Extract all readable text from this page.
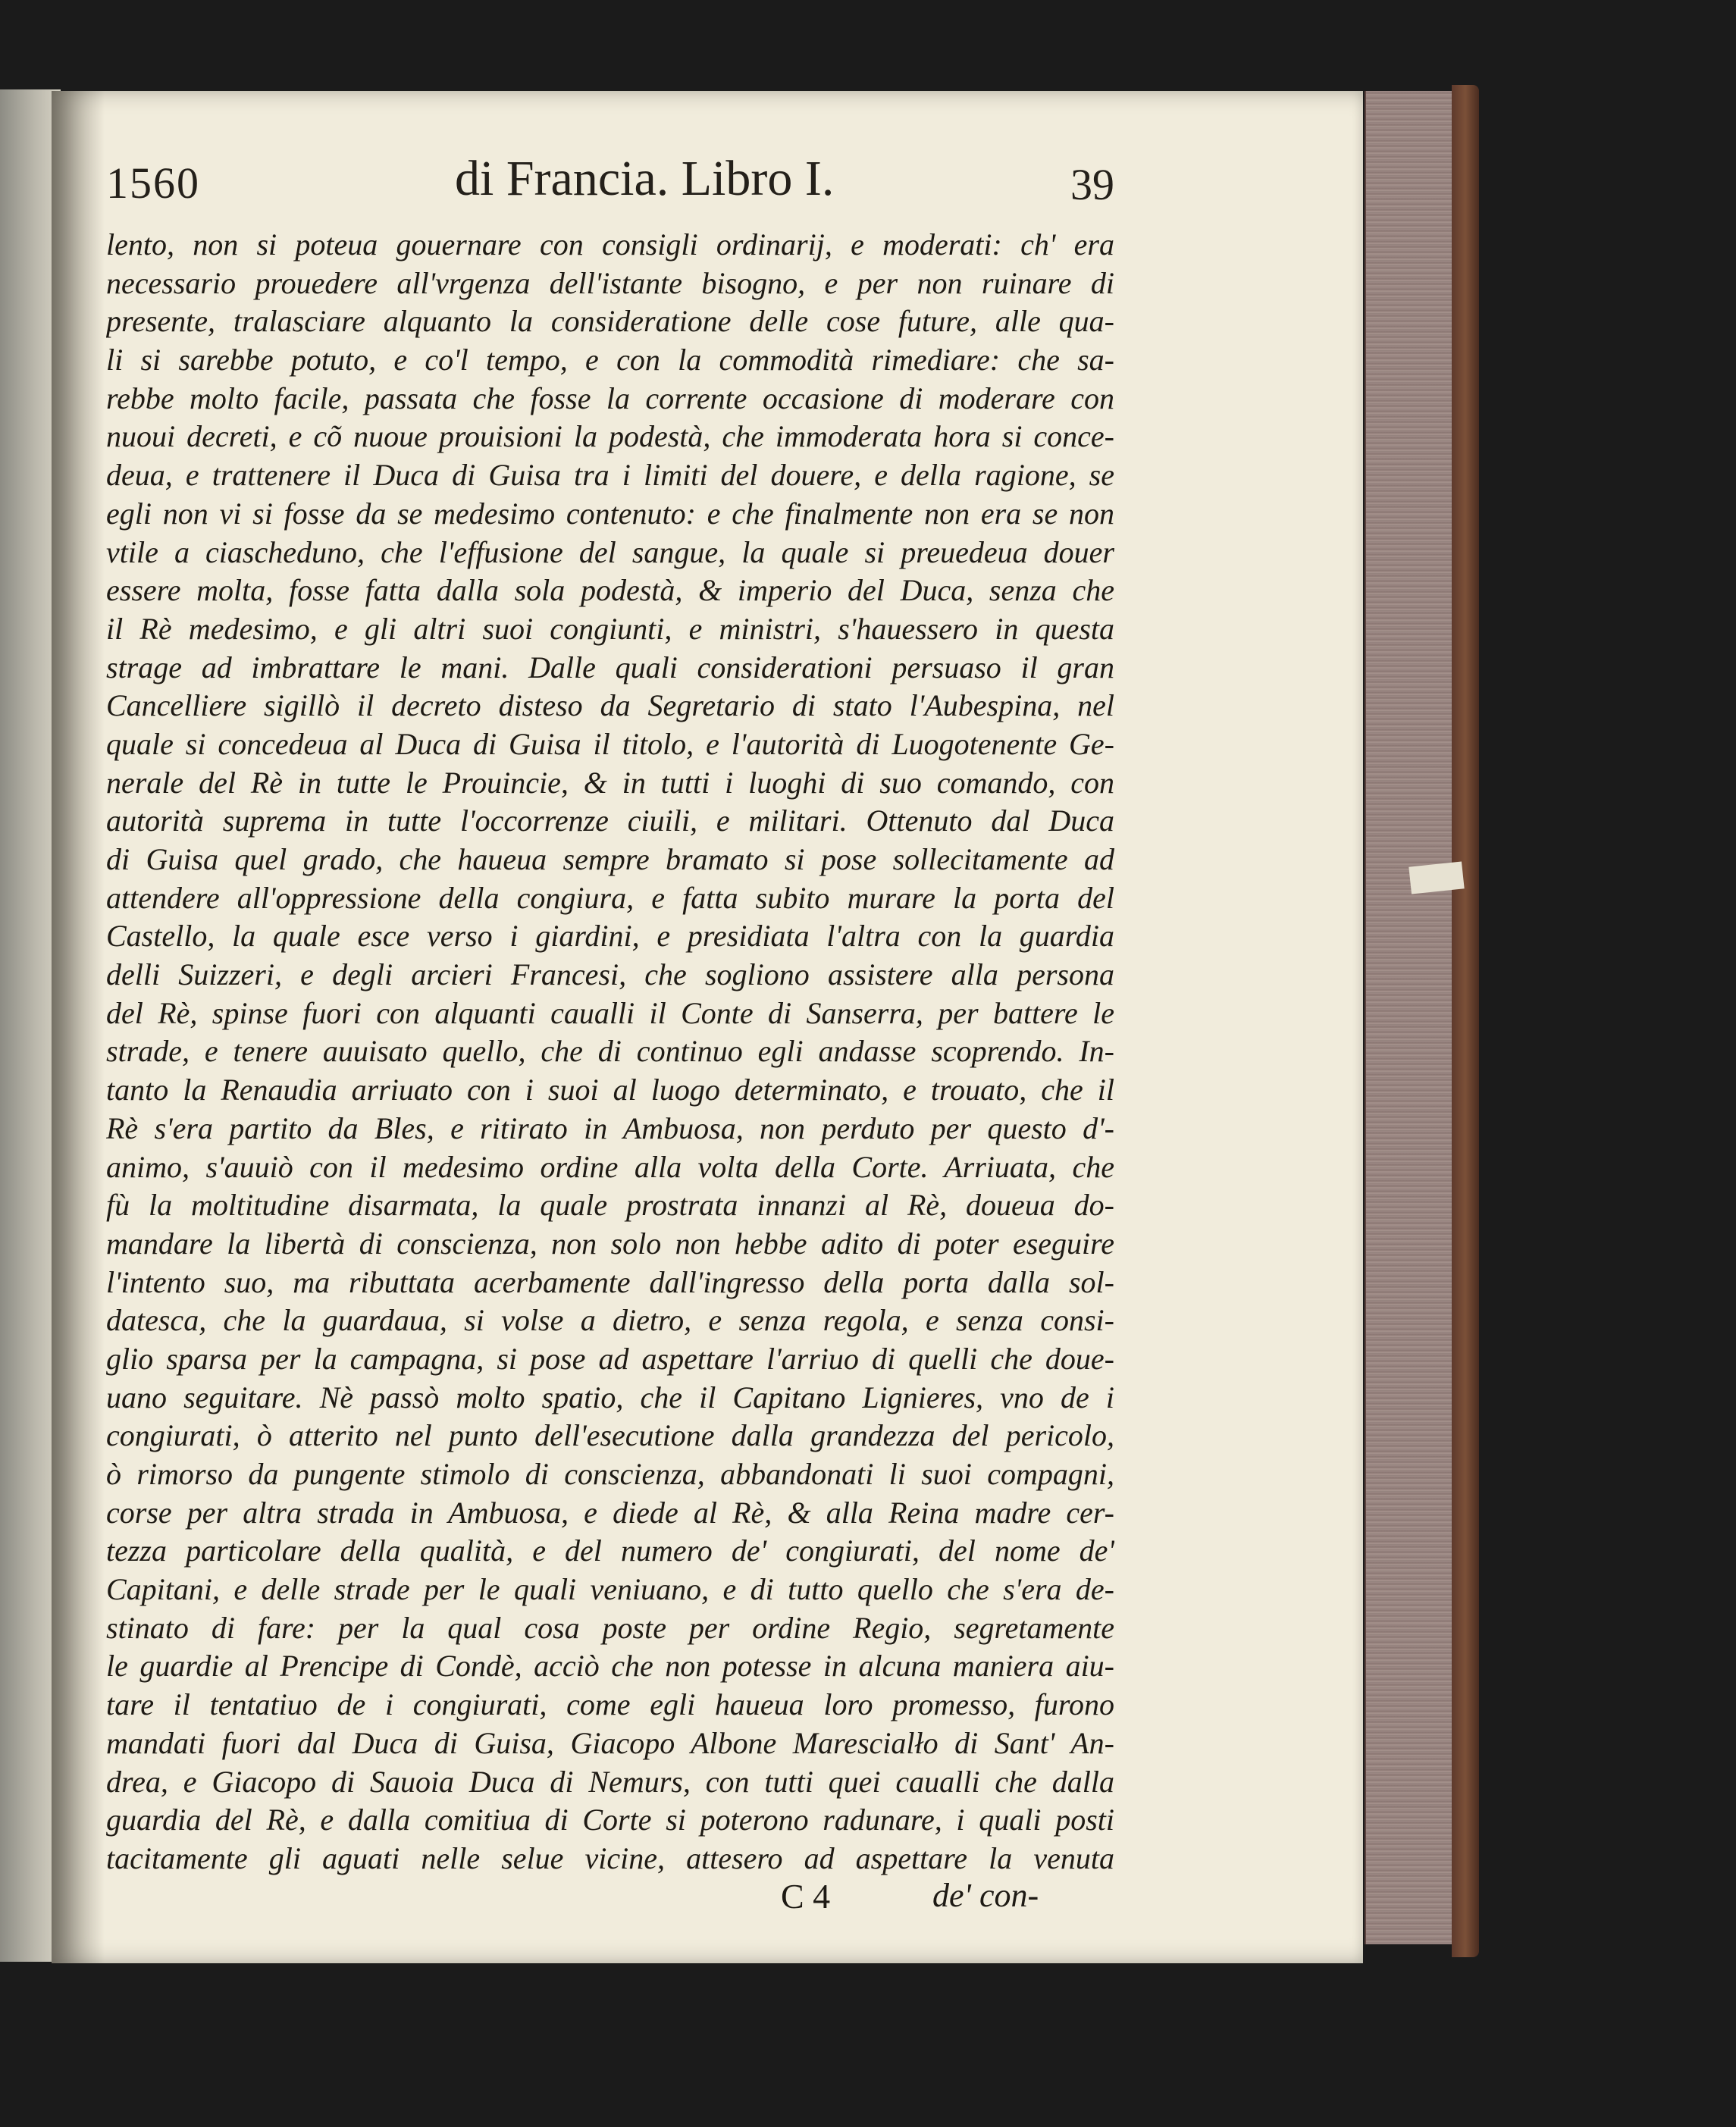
1560	di Francia. Libro I.	39
lento, non si poteua gouernare con consigli ordinarij, e moderati: ch' era
necessario prouedere all'vrgenza dell'istante bisogno, e per non ruinare di
presente, tralasciare alquanto la consideratione delle cose future, alle qua-
li si sarebbe potuto, e co'l tempo, e con la commodità rimediare: che sa-
rebbe molto facile, passata che fosse la corrente occasione di moderare con
nuoui decreti, e cõ nuoue prouisioni la podestà, che immoderata hora si conce-
deua, e trattenere il Duca di Guisa tra i limiti del douere, e della ragione, se
egli non vi si fosse da se medesimo contenuto: e che finalmente non era se non
vtile a ciascheduno, che l'effusione del sangue, la quale si preuedeua douer
essere molta, fosse fatta dalla sola podestà, & imperio del Duca, senza che
il Rè medesimo, e gli altri suoi congiunti, e ministri, s'hauessero in questa
strage ad imbrattare le mani. Dalle quali considerationi persuaso il gran
Cancelliere sigillò il decreto disteso da Segretario di stato l'Aubespina, nel
quale si concedeua al Duca di Guisa il titolo, e l'autorità di Luogotenente Ge-
nerale del Rè in tutte le Prouincie, & in tutti i luoghi di suo comando, con
autorità suprema in tutte l'occorrenze ciuili, e militari. Ottenuto dal Duca
di Guisa quel grado, che haueua sempre bramato si pose sollecitamente ad
attendere all'oppressione della congiura, e fatta subito murare la porta del
Castello, la quale esce verso i giardini, e presidiata l'altra con la guardia
delli Suizzeri, e degli arcieri Francesi, che sogliono assistere alla persona
del Rè, spinse fuori con alquanti caualli il Conte di Sanserra, per battere le
strade, e tenere auuisato quello, che di continuo egli andasse scoprendo. In-
tanto la Renaudia arriuato con i suoi al luogo determinato, e trouato, che il
Rè s'era partito da Bles, e ritirato in Ambuosa, non perduto per questo d'-
animo, s'auuiò con il medesimo ordine alla volta della Corte. Arriuata, che
fù la moltitudine disarmata, la quale prostrata innanzi al Rè, doueua do-
mandare la libertà di conscienza, non solo non hebbe adito di poter eseguire
l'intento suo, ma ributtata acerbamente dall'ingresso della porta dalla sol-
datesca, che la guardaua, si volse a dietro, e senza regola, e senza consi-
glio sparsa per la campagna, si pose ad aspettare l'arriuo di quelli che doue-
uano seguitare. Nè passò molto spatio, che il Capitano Lignieres, vno de i
congiurati, ò atterito nel punto dell'esecutione dalla grandezza del pericolo,
ò rimorso da pungente stimolo di conscienza, abbandonati li suoi compagni,
corse per altra strada in Ambuosa, e diede al Rè, & alla Reina madre cer-
tezza particolare della qualità, e del numero de' congiurati, del nome de'
Capitani, e delle strade per le quali veniuano, e di tutto quello che s'era de-
stinato di fare: per la qual cosa poste per ordine Regio, segretamente
le guardie al Prencipe di Condè, acciò che non potesse in alcuna maniera aiu-
tare il tentatiuo de i congiurati, come egli haueua loro promesso, furono
mandati fuori dal Duca di Guisa, Giacopo Albone Marescialło di Sant' An-
drea, e Giacopo di Sauoia Duca di Nemurs, con tutti quei caualli che dalla
guardia del Rè, e dalla comitiua di Corte si poterono radunare, i quali posti
tacitamente gli aguati nelle selue vicine, attesero ad aspettare la venuta
C 4	de' con-
